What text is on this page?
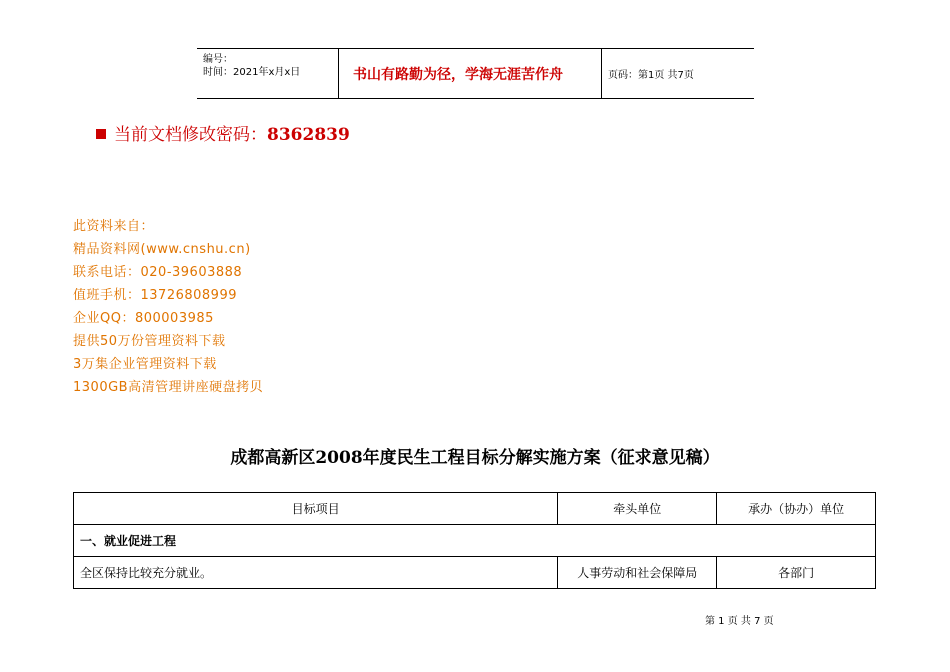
编号：
时间：2021年x月x日	书山有路勤为径，学海无涯苦作舟	页码：第1页 共7页
当前文档修改密码：8362839
此资料来自：
精品资料网(www.cnshu.cn)
联系电话：020-39603888
值班手机：13726808999
企业QQ：800003985
提供50万份管理资料下载
3万集企业管理资料下载
1300GB高清管理讲座硬盘拷贝
成都高新区2008年度民生工程目标分解实施方案（征求意见稿）
目标项目	牵头单位	承办（协办）单位
一、就业促进工程		
全区保持比较充分就业。	人事劳动和社会保障局	各部门
第 1 页 共 7 页
